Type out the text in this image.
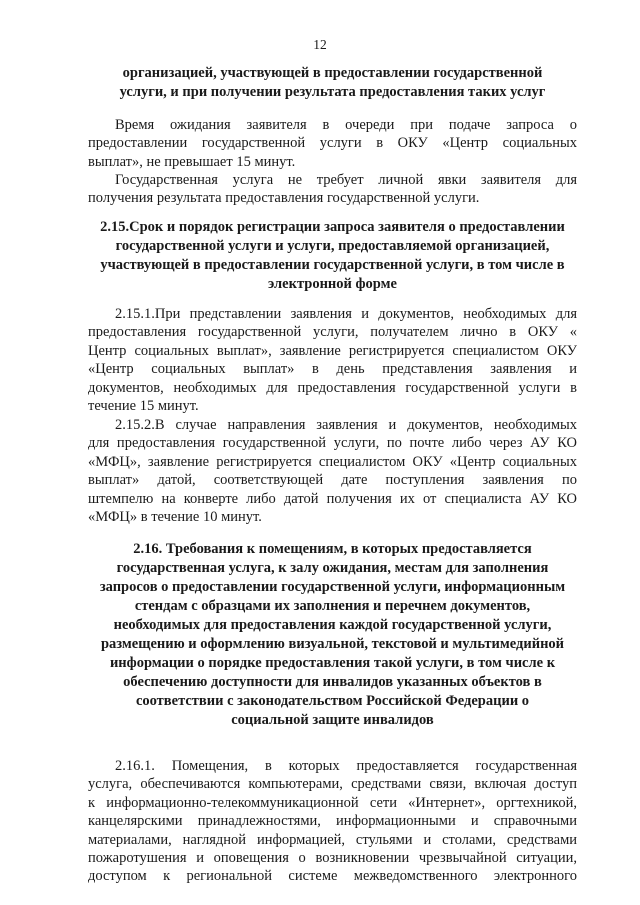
12
организацией, участвующей в предоставлении государственной
услуги, и при получении результата предоставления таких услуг
Время ожидания заявителя в очереди при подаче запроса о
предоставлении государственной услуги в ОКУ «Центр социальных
выплат», не превышает 15 минут.
Государственная услуга не требует личной явки заявителя для
получения результата предоставления государственной услуги.
2.15.Срок и порядок регистрации запроса заявителя о предоставлении
государственной услуги и услуги, предоставляемой организацией,
участвующей в предоставлении государственной услуги, в том числе в
электронной форме
2.15.1.При представлении заявления и документов, необходимых для
предоставления государственной услуги, получателем лично в ОКУ «
Центр социальных выплат», заявление регистрируется специалистом ОКУ
«Центр социальных выплат» в день представления заявления и
документов, необходимых для предоставления государственной услуги в
течение 15 минут.
2.15.2.В случае направления заявления и документов, необходимых
для предоставления государственной услуги, по почте либо через АУ КО
«МФЦ», заявление регистрируется специалистом ОКУ «Центр социальных
выплат» датой, соответствующей дате поступления заявления по
штемпелю на конверте либо датой получения их от специалиста АУ КО
«МФЦ» в течение 10 минут.
2.16. Требования к помещениям, в которых предоставляется
государственная услуга, к залу ожидания, местам для заполнения
запросов о предоставлении государственной услуги, информационным
стендам с образцами их заполнения и перечнем документов,
необходимых для предоставления каждой государственной услуги,
размещению и оформлению визуальной, текстовой и мультимедийной
информации о порядке предоставления такой услуги, в том числе к
обеспечению доступности для инвалидов указанных объектов в
соответствии с законодательством Российской Федерации о
социальной защите инвалидов
2.16.1. Помещения, в которых предоставляется государственная
услуга, обеспечиваются компьютерами, средствами связи, включая доступ
к информационно-телекоммуникационной сети «Интернет», оргтехникой,
канцелярскими принадлежностями, информационными и справочными
материалами, наглядной информацией, стульями и столами, средствами
пожаротушения и оповещения о возникновении чрезвычайной ситуации,
доступом к региональной системе межведомственного электронного
